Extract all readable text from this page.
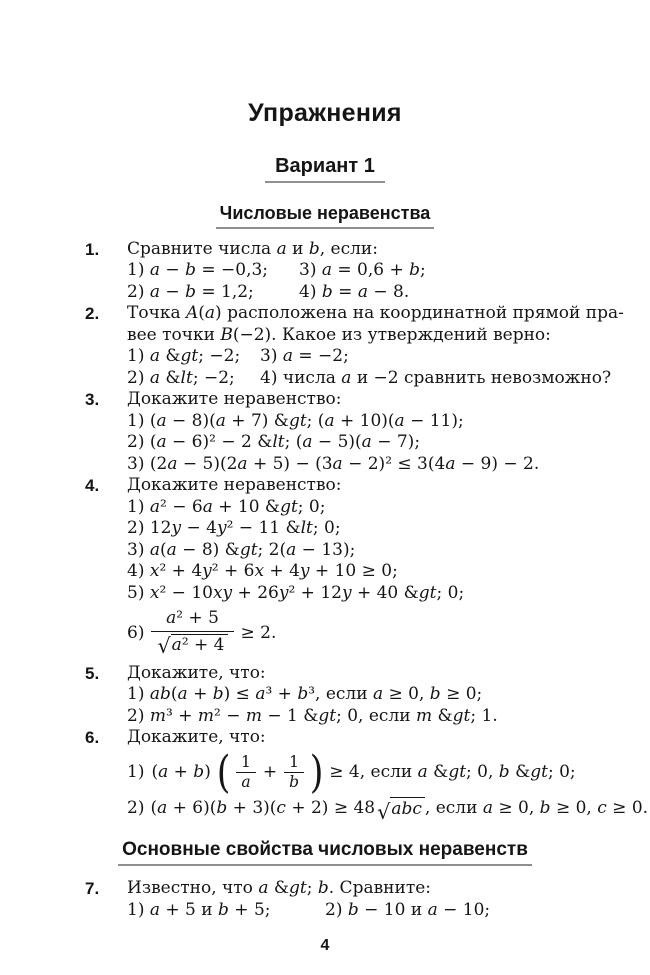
Упражнения
Вариант 1
Числовые неравенства
1.	Сравните числа a и b, если:
1) a − b = −0,3;	3) a = 0,6 + b;
2) a − b = 1,2;	4) b = a − 8.
2.	Точка A(a) расположена на координатной прямой пра-
вее точки B(−2). Какое из утверждений верно:
1) a &gt; −2;	3) a = −2;
2) a &lt; −2;	4) числа a и −2 сравнить невозможно?
3.	Докажите неравенство:
1) (a − 8)(a + 7) &gt; (a + 10)(a − 11);
2) (a − 6)² − 2 &lt; (a − 5)(a − 7);
3) (2a − 5)(2a + 5) − (3a − 2)² ≤ 3(4a − 9) − 2.
4.	Докажите неравенство:
1) a² − 6a + 10 &gt; 0;
2) 12y − 4y² − 11 &lt; 0;
3) a(a − 8) &gt; 2(a − 13);
4) x² + 4y² + 6x + 4y + 10 ≥ 0;
5) x² − 10xy + 26y² + 12y + 40 &gt; 0;
$6) \frac{\text{a² + 5}}{\text{√ a² + 4}} \ge 2$.
5.	Докажите, что:
1) ab(a + b) ≤ a³ + b³, если a ≥ 0, b ≥ 0;
2) m³ + m² − m − 1 &gt; 0, если m &gt; 1.
6.	Докажите, что:
1) (a + b) ( $\frac{1}{a} + \frac{1}{b}$ ) ≥ 4, если a &gt; 0, b &gt; 0;
2) (a + 6)(b + 3)(c + 2) ≥ 48 √ abc , если a ≥ 0, b ≥ 0, c ≥ 0.
Основные свойства числовых неравенств
7.	Известно, что a &gt; b. Сравните:
1) a + 5 и b + 5;	2) b − 10 и a − 10;
4
